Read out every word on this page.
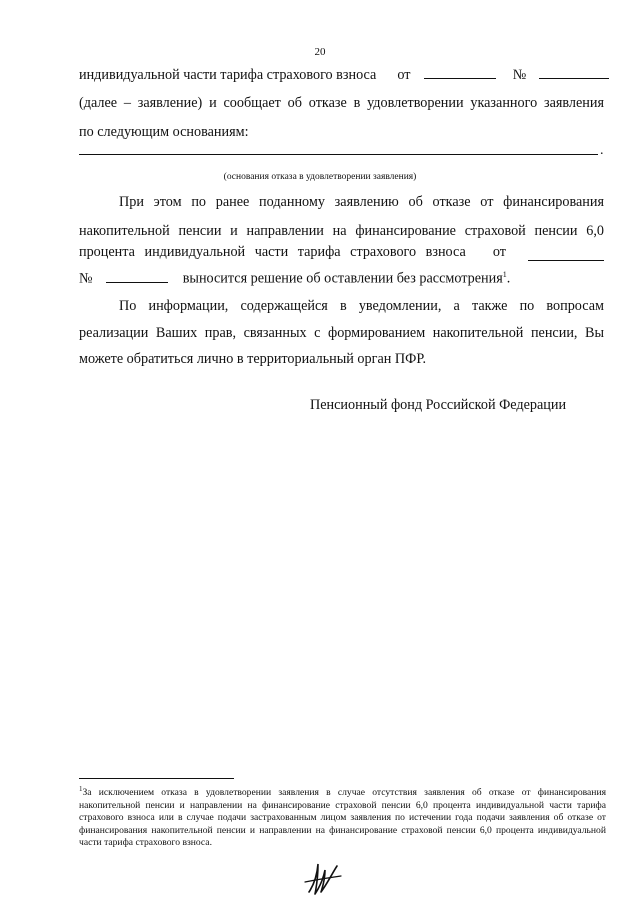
20
индивидуальной части тарифа страхового взноса от	№
(далее – заявление) и сообщает об отказе в удовлетворении указанного заявления
по следующим основаниям:
.
(основания отказа в удовлетворении заявления)
При этом по ранее поданному заявлению об отказе от финансирования
накопительной пенсии и направлении на финансирование страховой пенсии 6,0
процента индивидуальной части тарифа страхового взноса от
№	выносится решение об оставлении без рассмотрения$^1$.
По информации, содержащейся в уведомлении, а также по вопросам
реализации Ваших прав, связанных с формированием накопительной пенсии, Вы
можете обратиться лично в территориальный орган ПФР.
Пенсионный фонд Российской Федерации
$^1$За исключением отказа в удовлетворении заявления в случае отсутствия заявления об отказе от финансирования накопительной пенсии и направлении на финансирование страховой пенсии 6,0 процента индивидуальной части тарифа страхового взноса или в случае подачи застрахованным лицом заявления по истечении года подачи заявления об отказе от финансирования накопительной пенсии и направлении на финансирование страховой пенсии 6,0 процента индивидуальной части тарифа страхового взноса.
